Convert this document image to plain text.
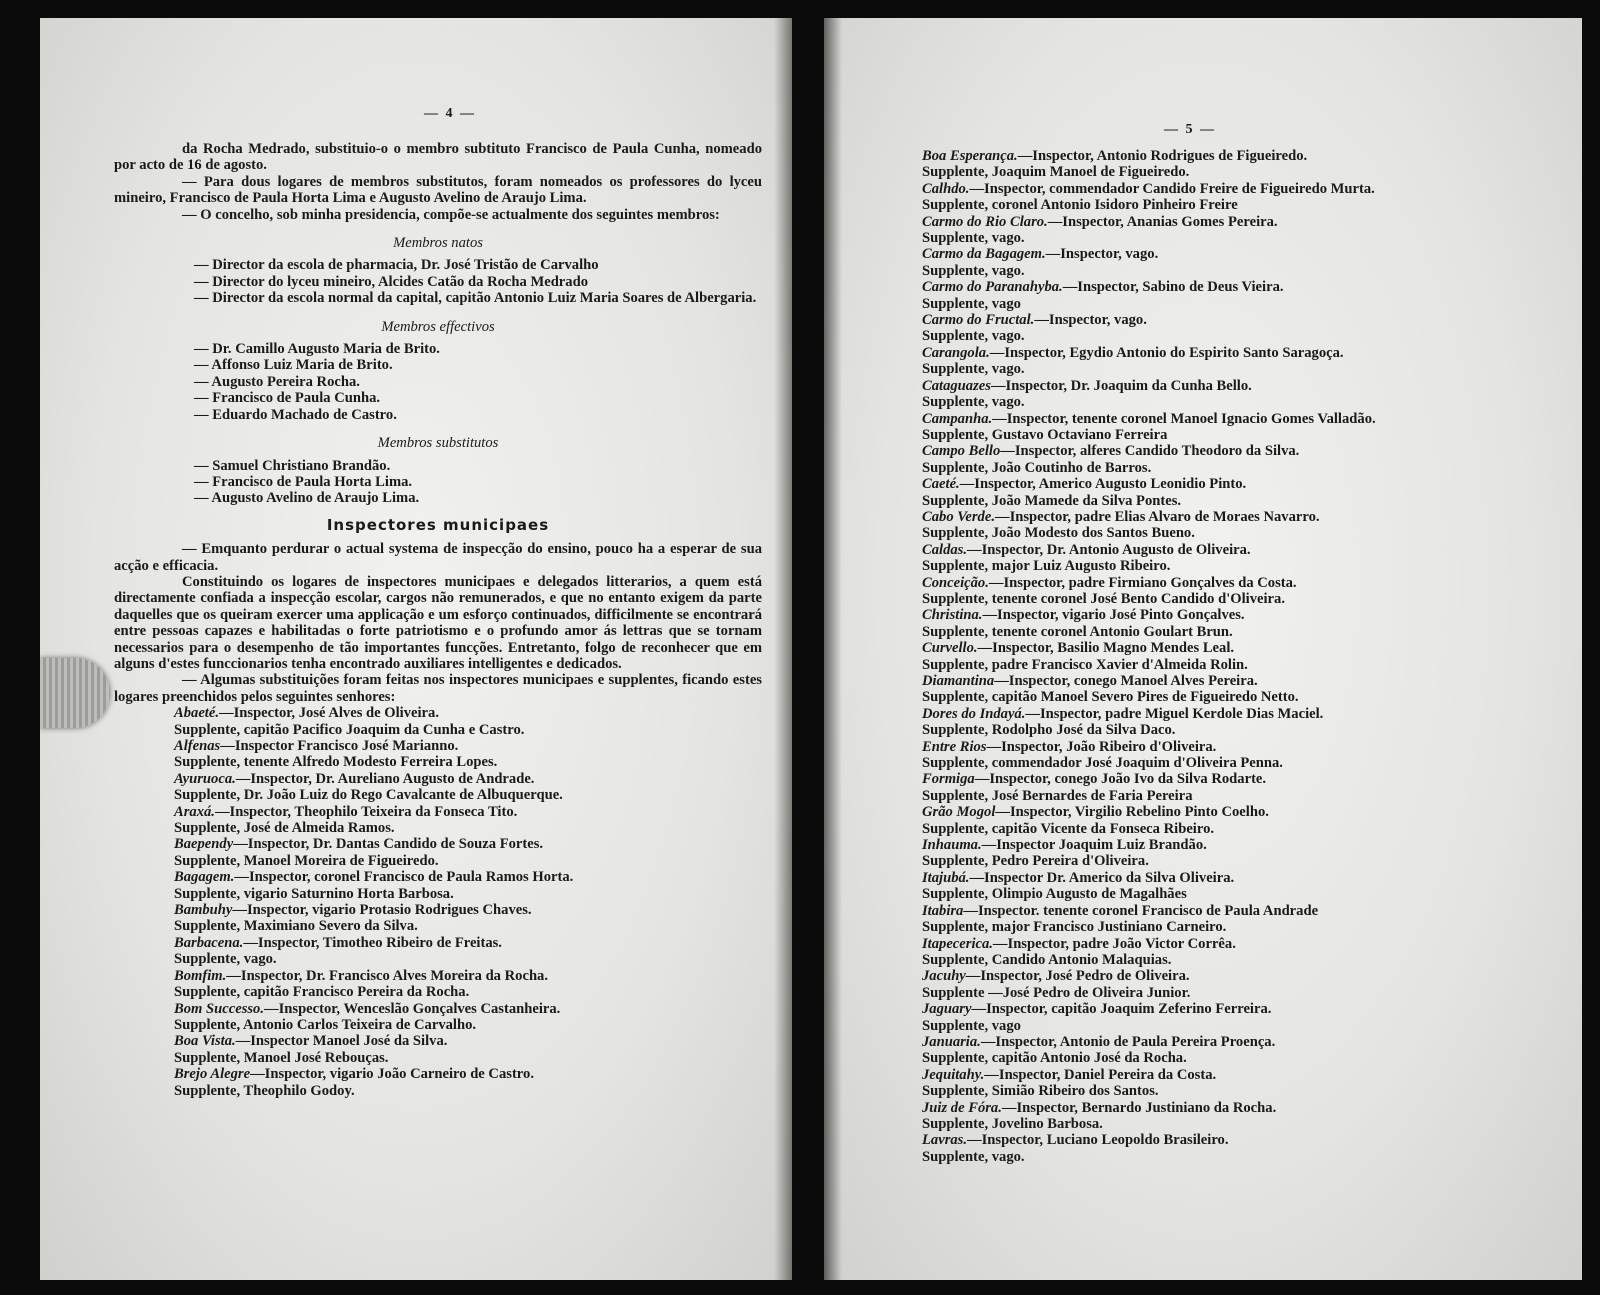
— 4 —

da Rocha Medrado, substituio-o o membro subtituto Francisco de Paula Cunha, nomeado por acto de 16 de agosto.

— Para dous logares de membros substitutos, foram nomeados os professores do lyceu mineiro, Francisco de Paula Horta Lima e Augusto Avelino de Araujo Lima.

— O concelho, sob minha presidencia, compõe-se actualmente dos seguintes membros:

Membros natos

— Director da escola de pharmacia, Dr. José Tristão de Carvalho

— Director do lyceu mineiro, Alcides Catão da Rocha Medrado

— Director da escola normal da capital, capitão Antonio Luiz Maria Soares de Albergaria.

Membros effectivos

— Dr. Camillo Augusto Maria de Brito.

— Affonso Luiz Maria de Brito.

— Augusto Pereira Rocha.

— Francisco de Paula Cunha.

— Eduardo Machado de Castro.

Membros substitutos

— Samuel Christiano Brandão.

— Francisco de Paula Horta Lima.

— Augusto Avelino de Araujo Lima.

Inspectores municipaes

— Emquanto perdurar o actual systema de inspecção do ensino, pouco ha a esperar de sua acção e efficacia.

Constituindo os logares de inspectores municipaes e delegados litterarios, a quem está directamente confiada a inspecção escolar, cargos não remunerados, e que no entanto exigem da parte daquelles que os queiram exercer uma applicação e um esforço continuados, difficilmente se encontrará entre pessoas capazes e habilitadas o forte patriotismo e o profundo amor ás lettras que se tornam necessarios para o desempenho de tão importantes funcções. Entretanto, folgo de reconhecer que em alguns d'estes funccionarios tenha encontrado auxiliares intelligentes e dedicados.

— Algumas substituições foram feitas nos inspectores municipaes e supplentes, ficando estes logares preenchidos pelos seguintes senhores:

Abaeté.—Inspector, José Alves de Oliveira.
Supplente, capitão Pacifico Joaquim da Cunha e Castro.
Alfenas—Inspector Francisco José Marianno.
Supplente, tenente Alfredo Modesto Ferreira Lopes.
Ayuruoca.—Inspector, Dr. Aureliano Augusto de Andrade.
Supplente, Dr. João Luiz do Rego Cavalcante de Albuquerque.
Araxá.—Inspector, Theophilo Teixeira da Fonseca Tito.
Supplente, José de Almeida Ramos.
Baependy—Inspector, Dr. Dantas Candido de Souza Fortes.
Supplente, Manoel Moreira de Figueiredo.
Bagagem.—Inspector, coronel Francisco de Paula Ramos Horta.
Supplente, vigario Saturnino Horta Barbosa.
Bambuhy—Inspector, vigario Protasio Rodrigues Chaves.
Supplente, Maximiano Severo da Silva.
Barbacena.—Inspector, Timotheo Ribeiro de Freitas.
Supplente, vago.
Bomfim.—Inspector, Dr. Francisco Alves Moreira da Rocha.
Supplente, capitão Francisco Pereira da Rocha.
Bom Successo.—Inspector, Wenceslão Gonçalves Castanheira.
Supplente, Antonio Carlos Teixeira de Carvalho.
Boa Vista.—Inspector Manoel José da Silva.
Supplente, Manoel José Rebouças.
Brejo Alegre—Inspector, vigario João Carneiro de Castro.
Supplente, Theophilo Godoy.
— 5 —
Boa Esperança.—Inspector, Antonio Rodrigues de Figueiredo.
Supplente, Joaquim Manoel de Figueiredo.
Calhdo.—Inspector, commendador Candido Freire de Figueiredo Murta.
Supplente, coronel Antonio Isidoro Pinheiro Freire
Carmo do Rio Claro.—Inspector, Ananias Gomes Pereira.
Supplente, vago.
Carmo da Bagagem.—Inspector, vago.
Supplente, vago.
Carmo do Paranahyba.—Inspector, Sabino de Deus Vieira.
Supplente, vago
Carmo do Fructal.—Inspector, vago.
Supplente, vago.
Carangola.—Inspector, Egydio Antonio do Espirito Santo Saragoça.
Supplente, vago.
Cataguazes—Inspector, Dr. Joaquim da Cunha Bello.
Supplente, vago.
Campanha.—Inspector, tenente coronel Manoel Ignacio Gomes Valladão.
Supplente, Gustavo Octaviano Ferreira
Campo Bello—Inspector, alferes Candido Theodoro da Silva.
Supplente, João Coutinho de Barros.
Caeté.—Inspector, Americo Augusto Leonidio Pinto.
Supplente, João Mamede da Silva Pontes.
Cabo Verde.—Inspector, padre Elias Alvaro de Moraes Navarro.
Supplente, João Modesto dos Santos Bueno.
Caldas.—Inspector, Dr. Antonio Augusto de Oliveira.
Supplente, major Luiz Augusto Ribeiro.
Conceição.—Inspector, padre Firmiano Gonçalves da Costa.
Supplente, tenente coronel José Bento Candido d'Oliveira.
Christina.—Inspector, vigario José Pinto Gonçalves.
Supplente, tenente coronel Antonio Goulart Brun.
Curvello.—Inspector, Basilio Magno Mendes Leal.
Supplente, padre Francisco Xavier d'Almeida Rolin.
Diamantina—Inspector, conego Manoel Alves Pereira.
Supplente, capitão Manoel Severo Pires de Figueiredo Netto.
Dores do Indayá.—Inspector, padre Miguel Kerdole Dias Maciel.
Supplente, Rodolpho José da Silva Daco.
Entre Rios—Inspector, João Ribeiro d'Oliveira.
Supplente, commendador José Joaquim d'Oliveira Penna.
Formiga—Inspector, conego João Ivo da Silva Rodarte.
Supplente, José Bernardes de Faria Pereira
Grão Mogol—Inspector, Virgilio Rebelino Pinto Coelho.
Supplente, capitão Vicente da Fonseca Ribeiro.
Inhauma.—Inspector Joaquim Luiz Brandão.
Supplente, Pedro Pereira d'Oliveira.
Itajubá.—Inspector Dr. Americo da Silva Oliveira.
Supplente, Olimpio Augusto de Magalhães
Itabira—Inspector. tenente coronel Francisco de Paula Andrade
Supplente, major Francisco Justiniano Carneiro.
Itapecerica.—Inspector, padre João Victor Corrêa.
Supplente, Candido Antonio Malaquias.
Jacuhy—Inspector, José Pedro de Oliveira.
Supplente —José Pedro de Oliveira Junior.
Jaguary—Inspector, capitão Joaquim Zeferino Ferreira.
Supplente, vago
Januaria.—Inspector, Antonio de Paula Pereira Proença.
Supplente, capitão Antonio José da Rocha.
Jequitahy.—Inspector, Daniel Pereira da Costa.
Supplente, Simião Ribeiro dos Santos.
Juiz de Fóra.—Inspector, Bernardo Justiniano da Rocha.
Supplente, Jovelino Barbosa.
Lavras.—Inspector, Luciano Leopoldo Brasileiro.
Supplente, vago.
